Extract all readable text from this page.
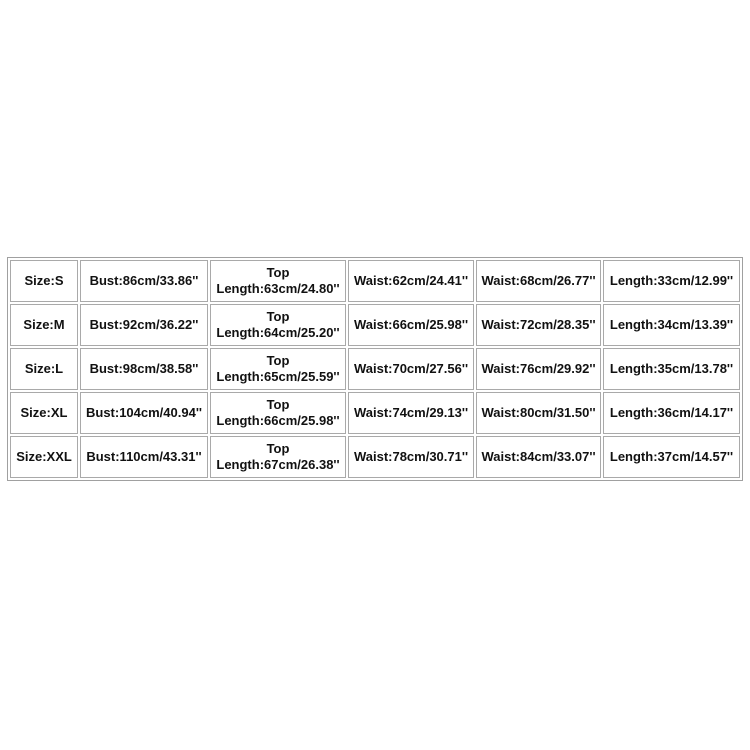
Size:S	Bust:86cm/33.86''	Top
Length:63cm/24.80''	Waist:62cm/24.41''	Waist:68cm/26.77''	Length:33cm/12.99''
Size:M	Bust:92cm/36.22''	Top
Length:64cm/25.20''	Waist:66cm/25.98''	Waist:72cm/28.35''	Length:34cm/13.39''
Size:L	Bust:98cm/38.58''	Top
Length:65cm/25.59''	Waist:70cm/27.56''	Waist:76cm/29.92''	Length:35cm/13.78''
Size:XL	Bust:104cm/40.94''	Top
Length:66cm/25.98''	Waist:74cm/29.13''	Waist:80cm/31.50''	Length:36cm/14.17''
Size:XXL	Bust:110cm/43.31''	Top
Length:67cm/26.38''	Waist:78cm/30.71''	Waist:84cm/33.07''	Length:37cm/14.57''
